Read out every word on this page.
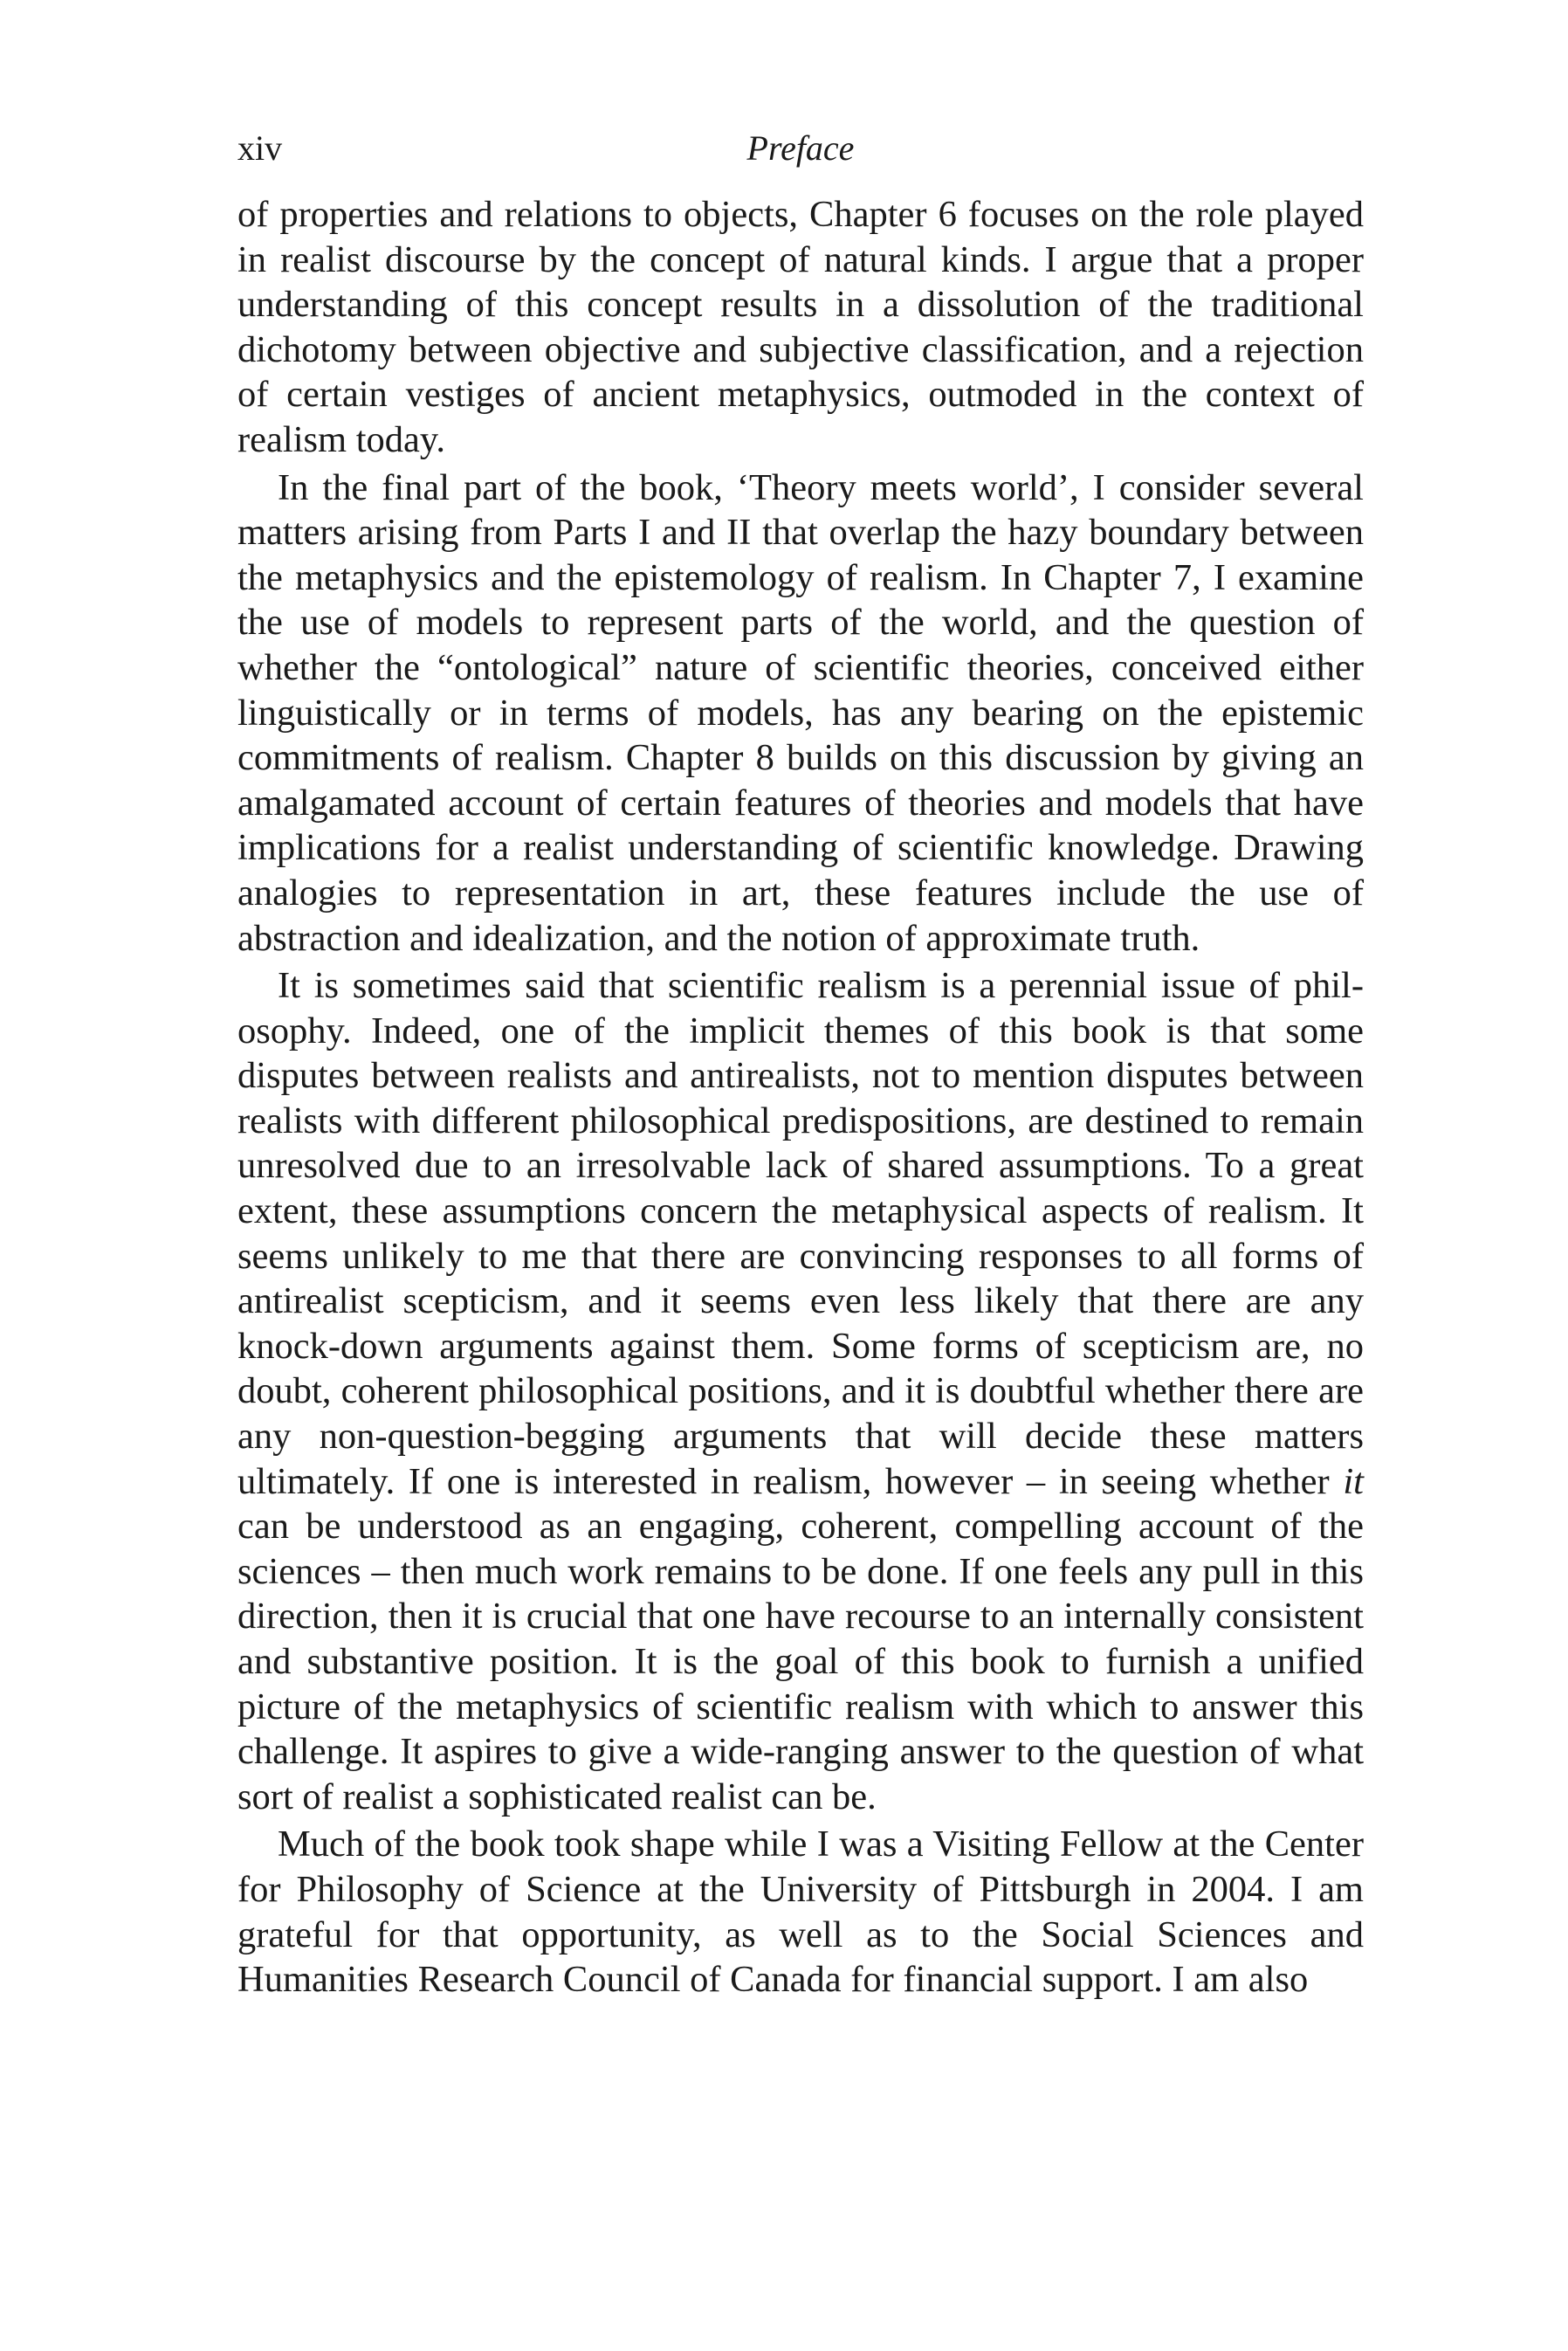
xiv	Preface

of properties and relations to objects, Chapter 6 focuses on the role played in realist discourse by the concept of natural kinds. I argue that a proper understanding of this concept results in a dissolution of the traditional dichotomy between objective and subjective classification, and a rejection of certain vestiges of ancient metaphysics, outmoded in the context of realism today.

In the final part of the book, ‘Theory meets world’, I consider several matters arising from Parts I and II that overlap the hazy boundary between the metaphysics and the epistemology of realism. In Chapter 7, I examine the use of models to represent parts of the world, and the question of whether the “ontological” nature of scientific theories, conceived either linguistically or in terms of models, has any bearing on the epistemic commitments of realism. Chapter 8 builds on this discussion by giving an amalgamated account of certain features of theories and models that have implications for a realist understanding of scientific knowledge. Drawing analogies to representation in art, these features include the use of abstraction and idealization, and the notion of approximate truth.

It is sometimes said that scientific realism is a perennial issue of philosophy. Indeed, one of the implicit themes of this book is that some disputes between realists and antirealists, not to mention disputes between realists with different philosophical predispositions, are destined to remain unresolved due to an irresolvable lack of shared assumptions. To a great extent, these assumptions concern the metaphysical aspects of realism. It seems unlikely to me that there are convincing responses to all forms of antirealist scepticism, and it seems even less likely that there are any knock-down arguments against them. Some forms of scepticism are, no doubt, coherent philosophical positions, and it is doubtful whether there are any non-question-begging arguments that will decide these matters ultimately. If one is interested in realism, however – in seeing whether it can be understood as an engaging, coherent, compelling account of the sciences – then much work remains to be done. If one feels any pull in this direction, then it is crucial that one have recourse to an internally consistent and substantive position. It is the goal of this book to furnish a unified picture of the metaphysics of scientific realism with which to answer this challenge. It aspires to give a wide-ranging answer to the question of what sort of realist a sophisticated realist can be.

Much of the book took shape while I was a Visiting Fellow at the Center for Philosophy of Science at the University of Pittsburgh in 2004. I am grateful for that opportunity, as well as to the Social Sciences and Humanities Research Council of Canada for financial support. I am also
